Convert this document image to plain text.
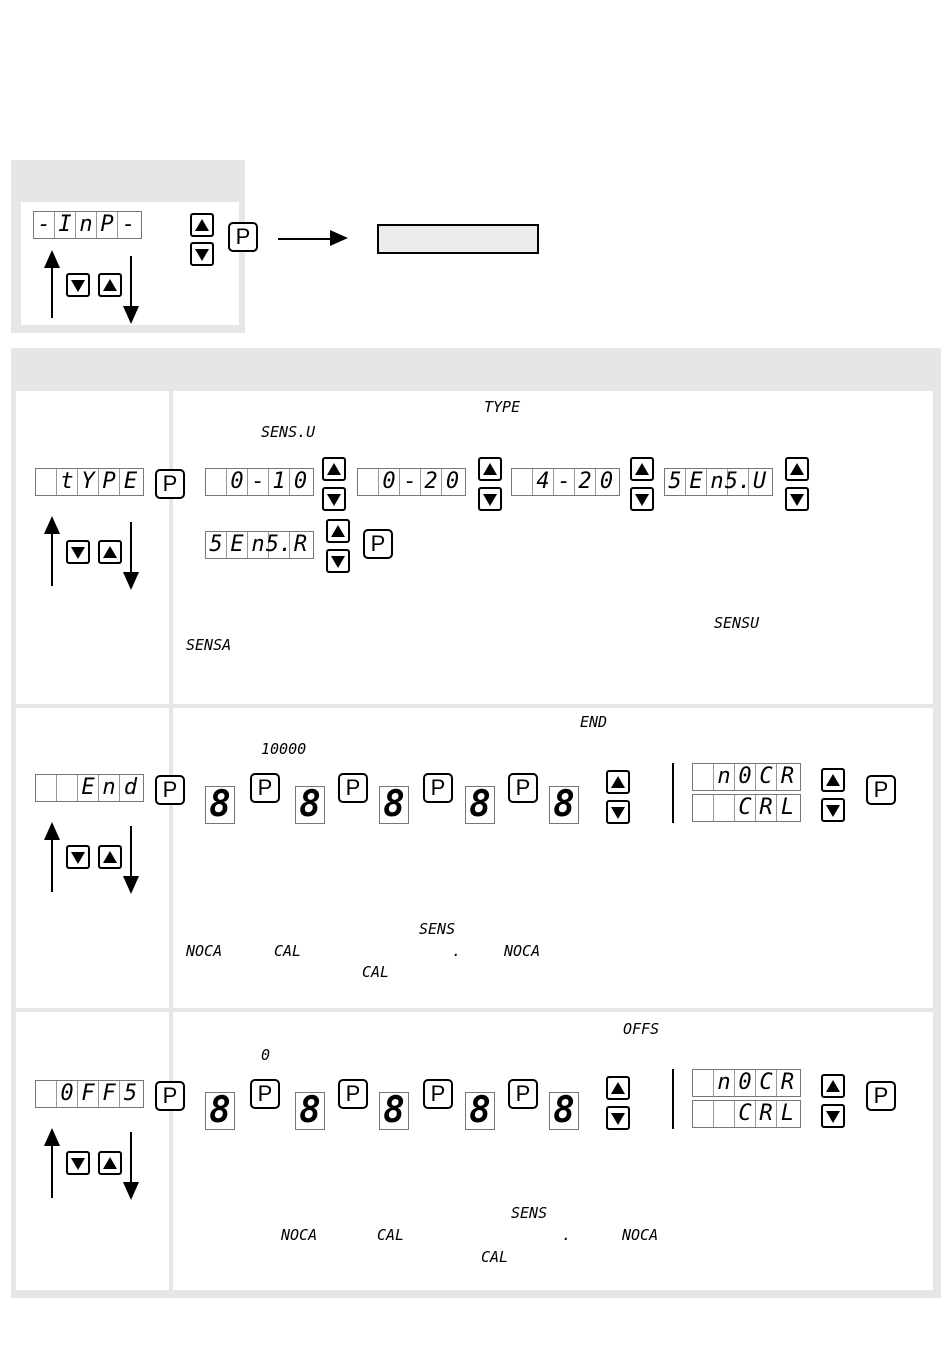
- I n P -	P
TYPE
SENS.U
t Y P E	P	0 - 1 0	0 - 2 0	4 - 2 0	5 E n 5. U
5 E n 5. R	P
SENSU
SENSA
END
10000
E n d	P 8	P 8	P 8	P 8	P 8
n 0 C R
C R L
P
SENS
NOCA	CAL	.	NOCA
CAL
OFFS
0
0 F F 5	P 8	P 8	P 8	P 8	P 8
n 0 C R
C R L
P
SENS
NOCA	CAL	.	NOCA
CAL
